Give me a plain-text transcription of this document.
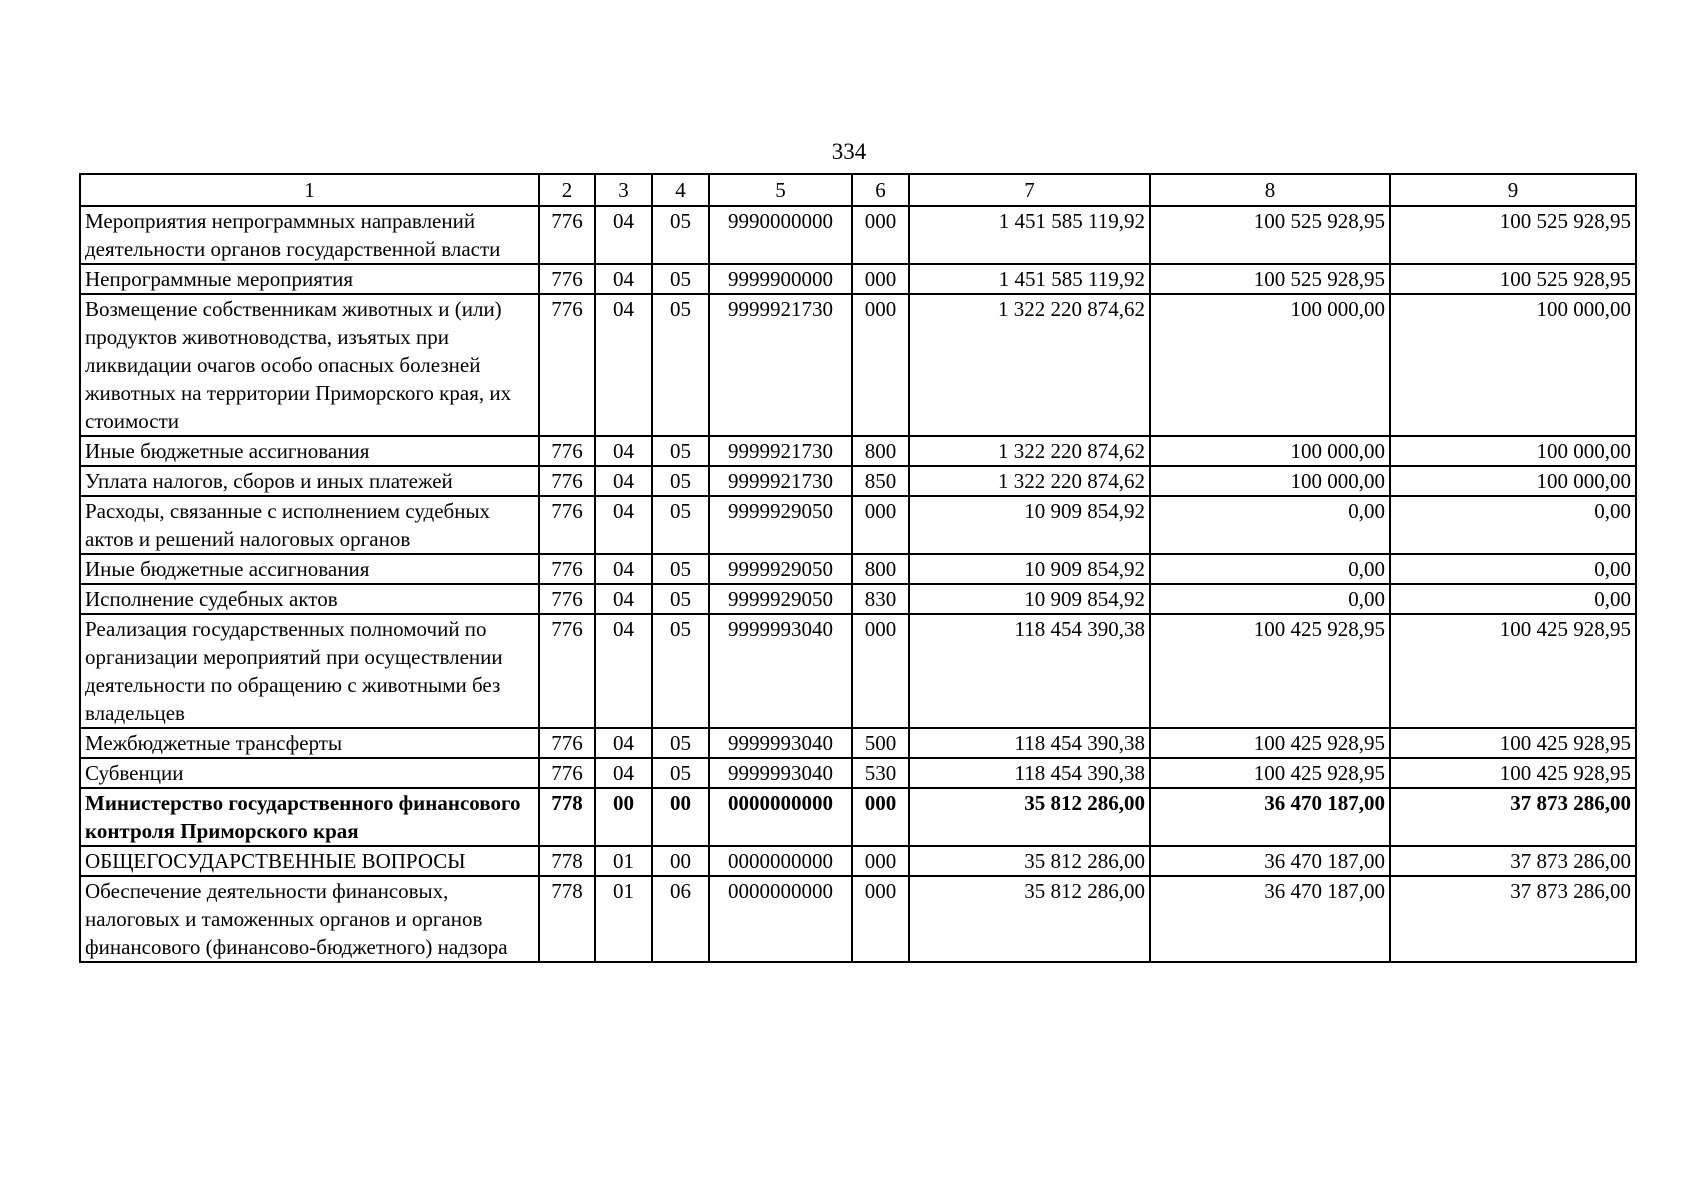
334
1	2	3	4	5	6	7	8	9
Мероприятия непрограммных направлений деятельности органов государственной власти	776	04	05	9990000000	000	1 451 585 119,92	100 525 928,95	100 525 928,95
Непрограммные мероприятия	776	04	05	9999900000	000	1 451 585 119,92	100 525 928,95	100 525 928,95
Возмещение собственникам животных и (или) продуктов животноводства, изъятых при ликвидации очагов особо опасных болезней животных на территории Приморского края, их стоимости	776	04	05	9999921730	000	1 322 220 874,62	100 000,00	100 000,00
Иные бюджетные ассигнования	776	04	05	9999921730	800	1 322 220 874,62	100 000,00	100 000,00
Уплата налогов, сборов и иных платежей	776	04	05	9999921730	850	1 322 220 874,62	100 000,00	100 000,00
Расходы, связанные с исполнением судебных актов и решений налоговых органов	776	04	05	9999929050	000	10 909 854,92	0,00	0,00
Иные бюджетные ассигнования	776	04	05	9999929050	800	10 909 854,92	0,00	0,00
Исполнение судебных актов	776	04	05	9999929050	830	10 909 854,92	0,00	0,00
Реализация государственных полномочий по организации мероприятий при осуществлении деятельности по обращению с животными без владельцев	776	04	05	9999993040	000	118 454 390,38	100 425 928,95	100 425 928,95
Межбюджетные трансферты	776	04	05	9999993040	500	118 454 390,38	100 425 928,95	100 425 928,95
Субвенции	776	04	05	9999993040	530	118 454 390,38	100 425 928,95	100 425 928,95
Министерство государственного финансового контроля Приморского края	778	00	00	0000000000	000	35 812 286,00	36 470 187,00	37 873 286,00
ОБЩЕГОСУДАРСТВЕННЫЕ ВОПРОСЫ	778	01	00	0000000000	000	35 812 286,00	36 470 187,00	37 873 286,00
Обеспечение деятельности финансовых, налоговых и таможенных органов и органов финансового (финансово-бюджетного) надзора	778	01	06	0000000000	000	35 812 286,00	36 470 187,00	37 873 286,00
